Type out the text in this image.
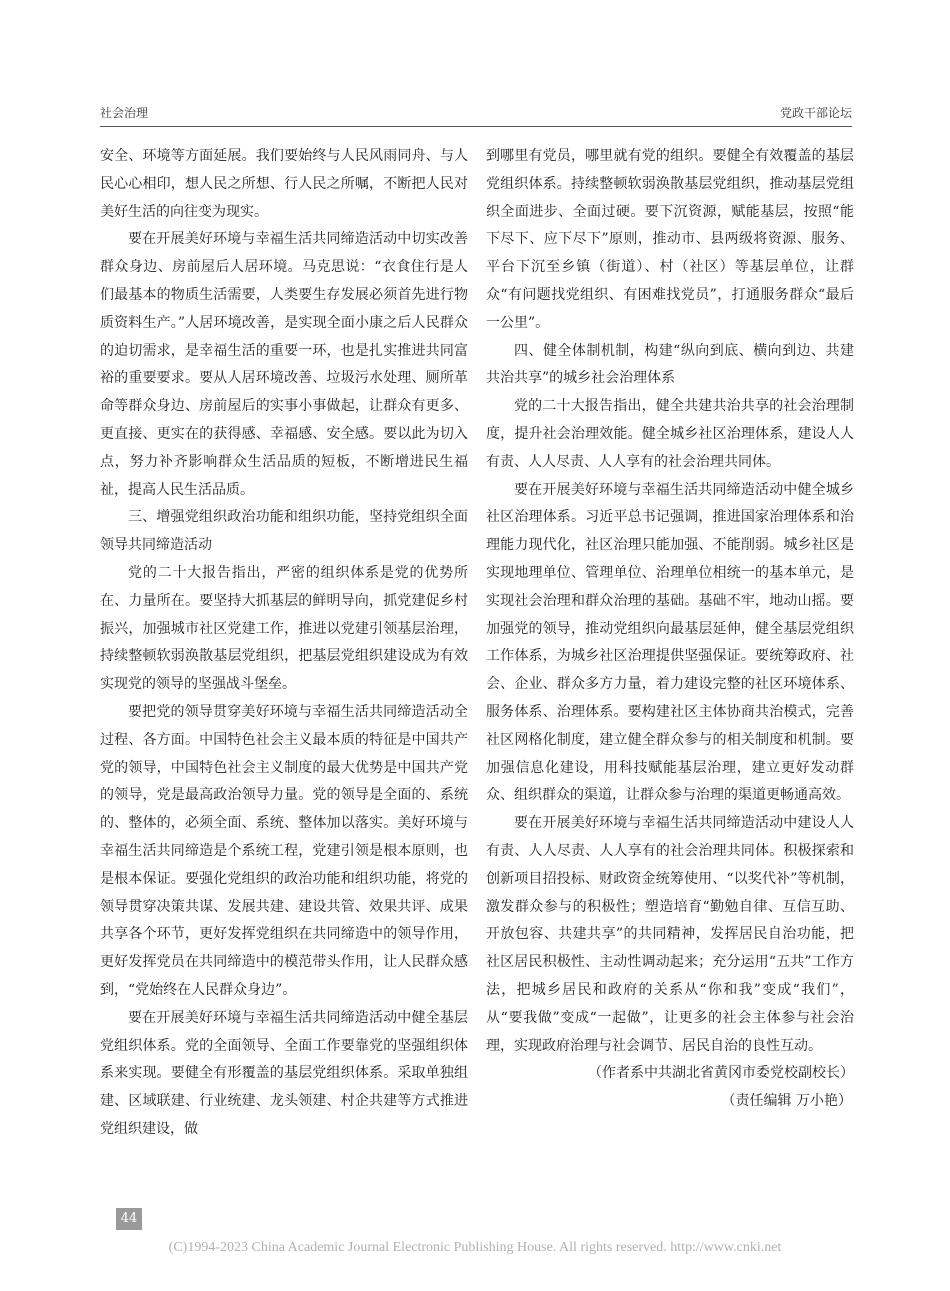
社会治理	党政干部论坛

安全、环境等方面延展。我们要始终与人民风雨同舟、与人民心心相印，想人民之所想、行人民之所嘱，不断把人民对美好生活的向往变为现实。

要在开展美好环境与幸福生活共同缔造活动中切实改善群众身边、房前屋后人居环境。马克思说：“衣食住行是人们最基本的物质生活需要，人类要生存发展必须首先进行物质资料生产。”人居环境改善，是实现全面小康之后人民群众的迫切需求，是幸福生活的重要一环，也是扎实推进共同富裕的重要要求。要从人居环境改善、垃圾污水处理、厕所革命等群众身边、房前屋后的实事小事做起，让群众有更多、更直接、更实在的获得感、幸福感、安全感。要以此为切入点，努力补齐影响群众生活品质的短板，不断增进民生福祉，提高人民生活品质。

三、增强党组织政治功能和组织功能，坚持党组织全面领导共同缔造活动

党的二十大报告指出，严密的组织体系是党的优势所在、力量所在。要坚持大抓基层的鲜明导向，抓党建促乡村振兴，加强城市社区党建工作，推进以党建引领基层治理，持续整顿软弱涣散基层党组织，把基层党组织建设成为有效实现党的领导的坚强战斗堡垒。

要把党的领导贯穿美好环境与幸福生活共同缔造活动全过程、各方面。中国特色社会主义最本质的特征是中国共产党的领导，中国特色社会主义制度的最大优势是中国共产党的领导，党是最高政治领导力量。党的领导是全面的、系统的、整体的，必须全面、系统、整体加以落实。美好环境与幸福生活共同缔造是个系统工程，党建引领是根本原则，也是根本保证。要强化党组织的政治功能和组织功能，将党的领导贯穿决策共谋、发展共建、建设共管、效果共评、成果共享各个环节，更好发挥党组织在共同缔造中的领导作用，更好发挥党员在共同缔造中的模范带头作用，让人民群众感到，“党始终在人民群众身边”。

要在开展美好环境与幸福生活共同缔造活动中健全基层党组织体系。党的全面领导、全面工作要靠党的坚强组织体系来实现。要健全有形覆盖的基层党组织体系。采取单独组建、区域联建、行业统建、龙头领建、村企共建等方式推进党组织建设，做

到哪里有党员，哪里就有党的组织。要健全有效覆盖的基层党组织体系。持续整顿软弱涣散基层党组织，推动基层党组织全面进步、全面过硬。要下沉资源，赋能基层，按照“能下尽下、应下尽下”原则，推动市、县两级将资源、服务、平台下沉至乡镇（街道）、村（社区）等基层单位，让群众“有问题找党组织、有困难找党员”，打通服务群众“最后一公里”。

四、健全体制机制，构建“纵向到底、横向到边、共建共治共享”的城乡社会治理体系

党的二十大报告指出，健全共建共治共享的社会治理制度，提升社会治理效能。健全城乡社区治理体系，建设人人有责、人人尽责、人人享有的社会治理共同体。

要在开展美好环境与幸福生活共同缔造活动中健全城乡社区治理体系。习近平总书记强调，推进国家治理体系和治理能力现代化，社区治理只能加强、不能削弱。城乡社区是实现地理单位、管理单位、治理单位相统一的基本单元，是实现社会治理和群众治理的基础。基础不牢，地动山摇。要加强党的领导，推动党组织向最基层延伸，健全基层党组织工作体系，为城乡社区治理提供坚强保证。要统筹政府、社会、企业、群众多方力量，着力建设完整的社区环境体系、服务体系、治理体系。要构建社区主体协商共治模式，完善社区网格化制度，建立健全群众参与的相关制度和机制。要加强信息化建设，用科技赋能基层治理，建立更好发动群众、组织群众的渠道，让群众参与治理的渠道更畅通高效。

要在开展美好环境与幸福生活共同缔造活动中建设人人有责、人人尽责、人人享有的社会治理共同体。积极探索和创新项目招投标、财政资金统筹使用、“以奖代补”等机制，激发群众参与的积极性；塑造培育“勤勉自律、互信互助、开放包容、共建共享”的共同精神，发挥居民自治功能，把社区居民积极性、主动性调动起来；充分运用“五共”工作方法，把城乡居民和政府的关系从“你和我”变成“我们”，从“要我做”变成“一起做”，让更多的社会主体参与社会治理，实现政府治理与社会调节、居民自治的良性互动。

（作者系中共湖北省黄冈市委党校副校长）

（责任编辑 万小艳）

44
(C)1994-2023 China Academic Journal Electronic Publishing House. All rights reserved. http://www.cnki.net
